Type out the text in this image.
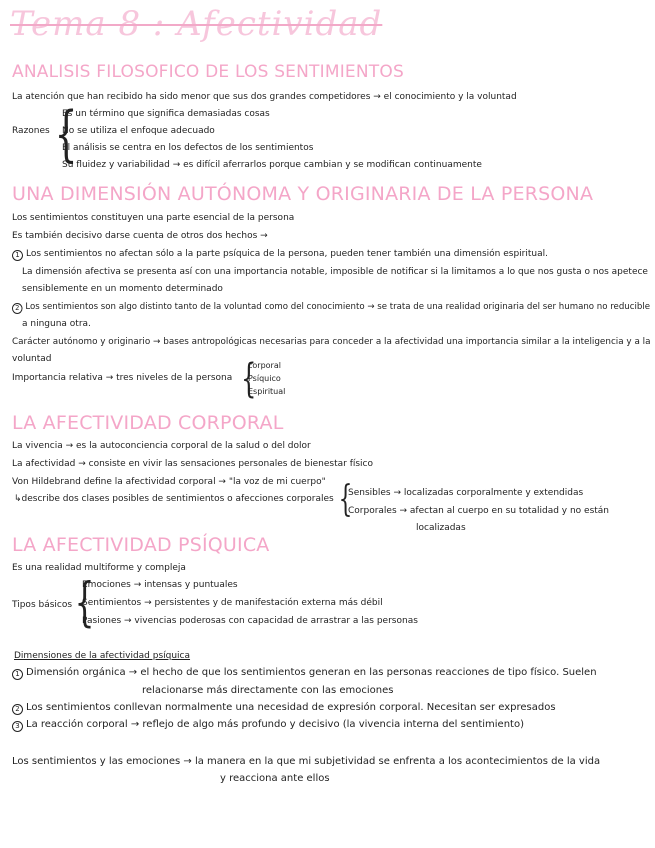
Tema 8 : Afectividad
ANALISIS FILOSOFICO DE LOS SENTIMIENTOS
La atención que han recibido ha sido menor que sus dos grandes competidores → el conocimiento y la voluntad
Razones {
Es un término que significa demasiadas cosas
No se utiliza el enfoque adecuado
El análisis se centra en los defectos de los sentimientos
Su fluidez y variabilidad → es difícil aferrarlos porque cambian y se modifican continuamente
UNA DIMENSIÓN AUTÓNOMA Y ORIGINARIA DE LA PERSONA
Los sentimientos constituyen una parte esencial de la persona
Es también decisivo darse cuenta de otros dos hechos →
1 Los sentimientos no afectan sólo a la parte psíquica de la persona, pueden tener también una dimensión espiritual.
La dimensión afectiva se presenta así con una importancia notable, imposible de notificar si la limitamos a lo que nos gusta o nos apetece
sensiblemente en un momento determinado
2 Los sentimientos son algo distinto tanto de la voluntad como del conocimiento → se trata de una realidad originaria del ser humano no reducible
a ninguna otra.
Carácter autónomo y originario → bases antropológicas necesarias para conceder a la afectividad una importancia similar a la inteligencia y a la
voluntad
Importancia relativa → tres niveles de la persona {
corporal
Psíquico
Espiritual
LA AFECTIVIDAD CORPORAL
La vivencia → es la autoconciencia corporal de la salud o del dolor
La afectividad → consiste en vivir las sensaciones personales de bienestar físico
Von Hildebrand define la afectividad corporal → "la voz de mi cuerpo"
↳describe dos clases posibles de sentimientos o afecciones corporales {
Sensibles → localizadas corporalmente y extendidas
Corporales → afectan al cuerpo en su totalidad y no están
localizadas
LA AFECTIVIDAD PSÍQUICA
Es una realidad multiforme y compleja
Tipos básicos {
Emociones → intensas y puntuales
Sentimientos → persistentes y de manifestación externa más débil
Pasiones → vivencias poderosas con capacidad de arrastrar a las personas
Dimensiones de la afectividad psíquica
1 Dimensión orgánica → el hecho de que los sentimientos generan en las personas reacciones de tipo físico. Suelen
relacionarse más directamente con las emociones
2 Los sentimientos conllevan normalmente una necesidad de expresión corporal. Necesitan ser expresados
3 La reacción corporal → reflejo de algo más profundo y decisivo (la vivencia interna del sentimiento)
Los sentimientos y las emociones → la manera en la que mi subjetividad se enfrenta a los acontecimientos de la vida
y reacciona ante ellos
